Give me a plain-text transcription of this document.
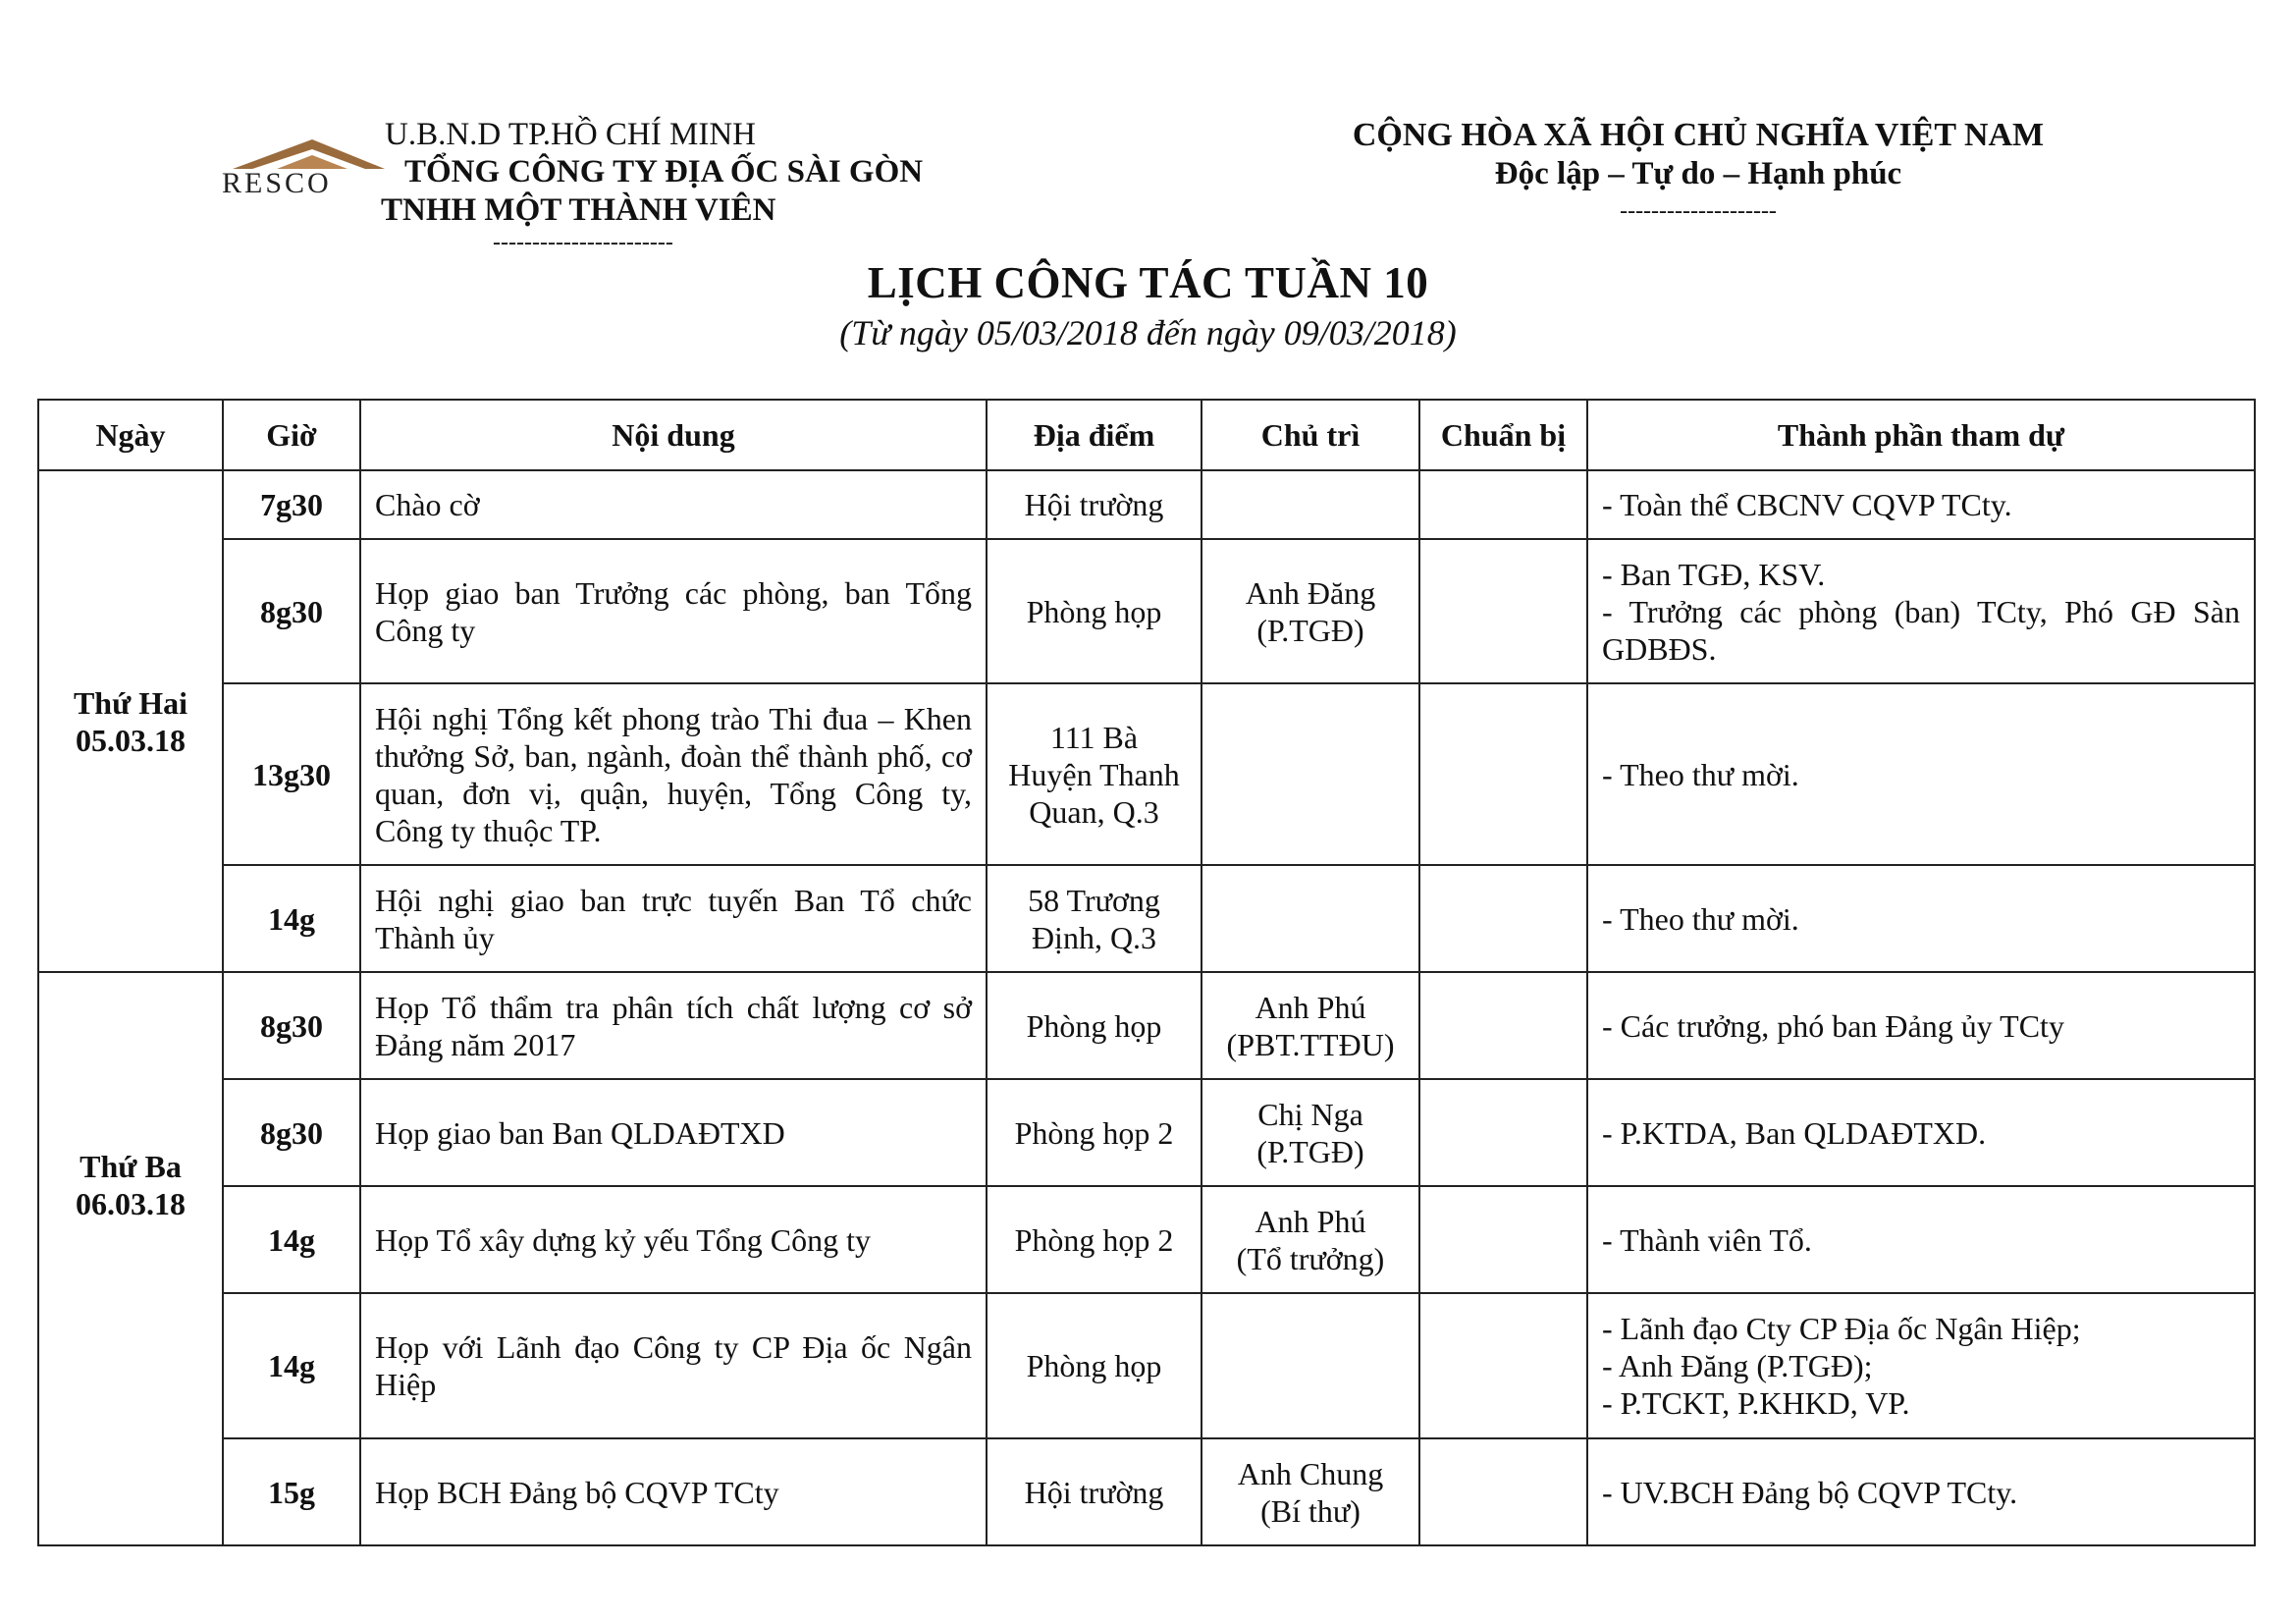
RESCO
U.B.N.D TP.HỒ CHÍ MINH
TỔNG CÔNG TY ĐỊA ỐC SÀI GÒN
TNHH MỘT THÀNH VIÊN
-----------------------
CỘNG HÒA XÃ HỘI CHỦ NGHĨA VIỆT NAM
Độc lập – Tự do – Hạnh phúc
--------------------
LỊCH CÔNG TÁC TUẦN 10
(Từ ngày 05/03/2018 đến ngày 09/03/2018)
Ngày	Giờ	Nội dung	Địa điểm	Chủ trì	Chuẩn bị	Thành phần tham dự
Thứ Hai
05.03.18	7g30	Chào cờ	Hội trường			- Toàn thể CBCNV CQVP TCty.
	8g30	Họp giao ban Trưởng các phòng, ban Tổng Công ty	Phòng họp	Anh Đăng
(P.TGĐ)		- Ban TGĐ, KSV.
- Trưởng các phòng (ban) TCty, Phó GĐ Sàn GDBĐS.
	13g30	Hội nghị Tổng kết phong trào Thi đua – Khen thưởng Sở, ban, ngành, đoàn thể thành phố, cơ quan, đơn vị, quận, huyện, Tổng Công ty, Công ty thuộc TP.	111 Bà
Huyện Thanh
Quan, Q.3			- Theo thư mời.
	14g	Hội nghị giao ban trực tuyến Ban Tổ chức Thành ủy	58 Trương
Định, Q.3			- Theo thư mời.
Thứ Ba
06.03.18	8g30	Họp Tổ thẩm tra phân tích chất lượng cơ sở Đảng năm 2017	Phòng họp	Anh Phú
(PBT.TTĐU)		- Các trưởng, phó ban Đảng ủy TCty
	8g30	Họp giao ban Ban QLDAĐTXD	Phòng họp 2	Chị Nga
(P.TGĐ)		- P.KTDA, Ban QLDAĐTXD.
	14g	Họp Tổ xây dựng kỷ yếu Tổng Công ty	Phòng họp 2	Anh Phú
(Tổ trưởng)		- Thành viên Tổ.
	14g	Họp với Lãnh đạo Công ty CP Địa ốc Ngân Hiệp	Phòng họp			- Lãnh đạo Cty CP Địa ốc Ngân Hiệp;
- Anh Đăng (P.TGĐ);
- P.TCKT, P.KHKD, VP.
	15g	Họp BCH Đảng bộ CQVP TCty	Hội trường	Anh Chung
(Bí thư)		- UV.BCH Đảng bộ CQVP TCty.
